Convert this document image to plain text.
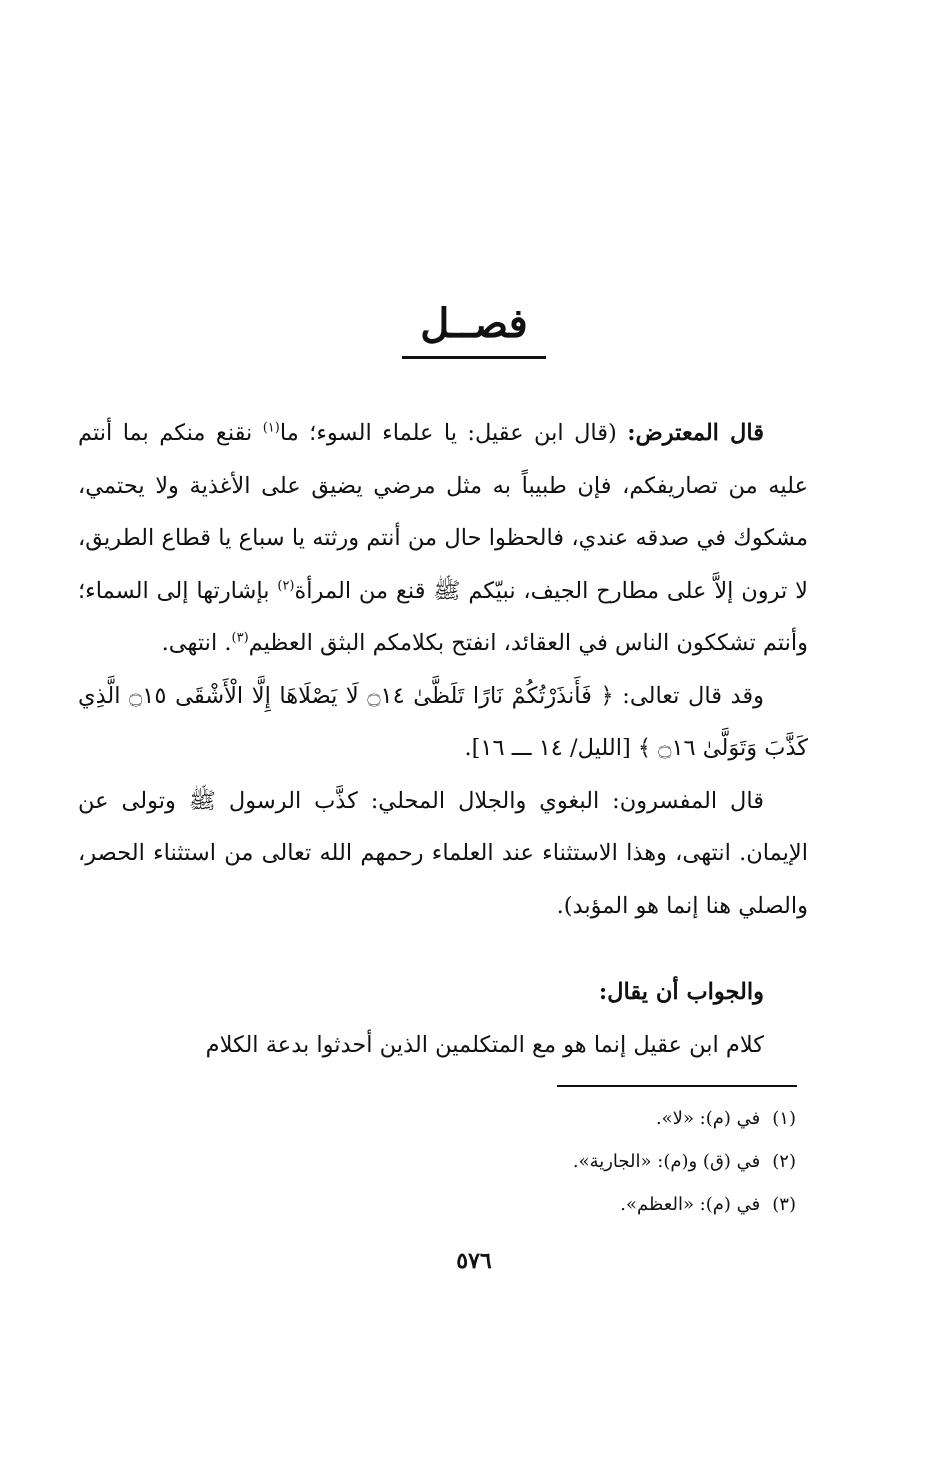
فصــل

قال المعترض: (قال ابن عقيل: يا علماء السوء؛ ما$^{(١)}$ نقنع منكم بما أنتم عليه من تصاريفكم، فإن طبيباً به مثل مرضي يضيق على الأغذية ولا يحتمي، مشكوك في صدقه عندي، فالحظوا حال من أنتم ورثته يا سباع يا قطاع الطريق، لا ترون إلاَّ على مطارح الجيف، نبيّكم ﷺ قنع من المرأة$^{(٢)}$ بإشارتها إلى السماء؛ وأنتم تشككون الناس في العقائد، انفتح بكلامكم البثق العظيم$^{(٣)}$. انتهى.

وقد قال تعالى: ﴿ فَأَنذَرْتُكُمْ نَارًا تَلَظَّىٰ ۝١٤ لَا يَصْلَاهَا إِلَّا الْأَشْقَى ۝١٥ الَّذِي كَذَّبَ وَتَوَلَّىٰ ۝١٦ ﴾ [الليل/ ١٤ ـــ ١٦].

قال المفسرون: البغوي والجلال المحلي: كذَّب الرسول ﷺ وتولى عن الإيمان. انتهى، وهذا الاستثناء عند العلماء رحمهم الله تعالى من استثناء الحصر، والصلي هنا إنما هو المؤبد).

والجواب أن يقال:

كلام ابن عقيل إنما هو مع المتكلمين الذين أحدثوا بدعة الكلام

(١)في (م): «لا».

(٢)في (ق) و(م): «الجارية».

(٣)في (م): «العظم».

٥٧٦
